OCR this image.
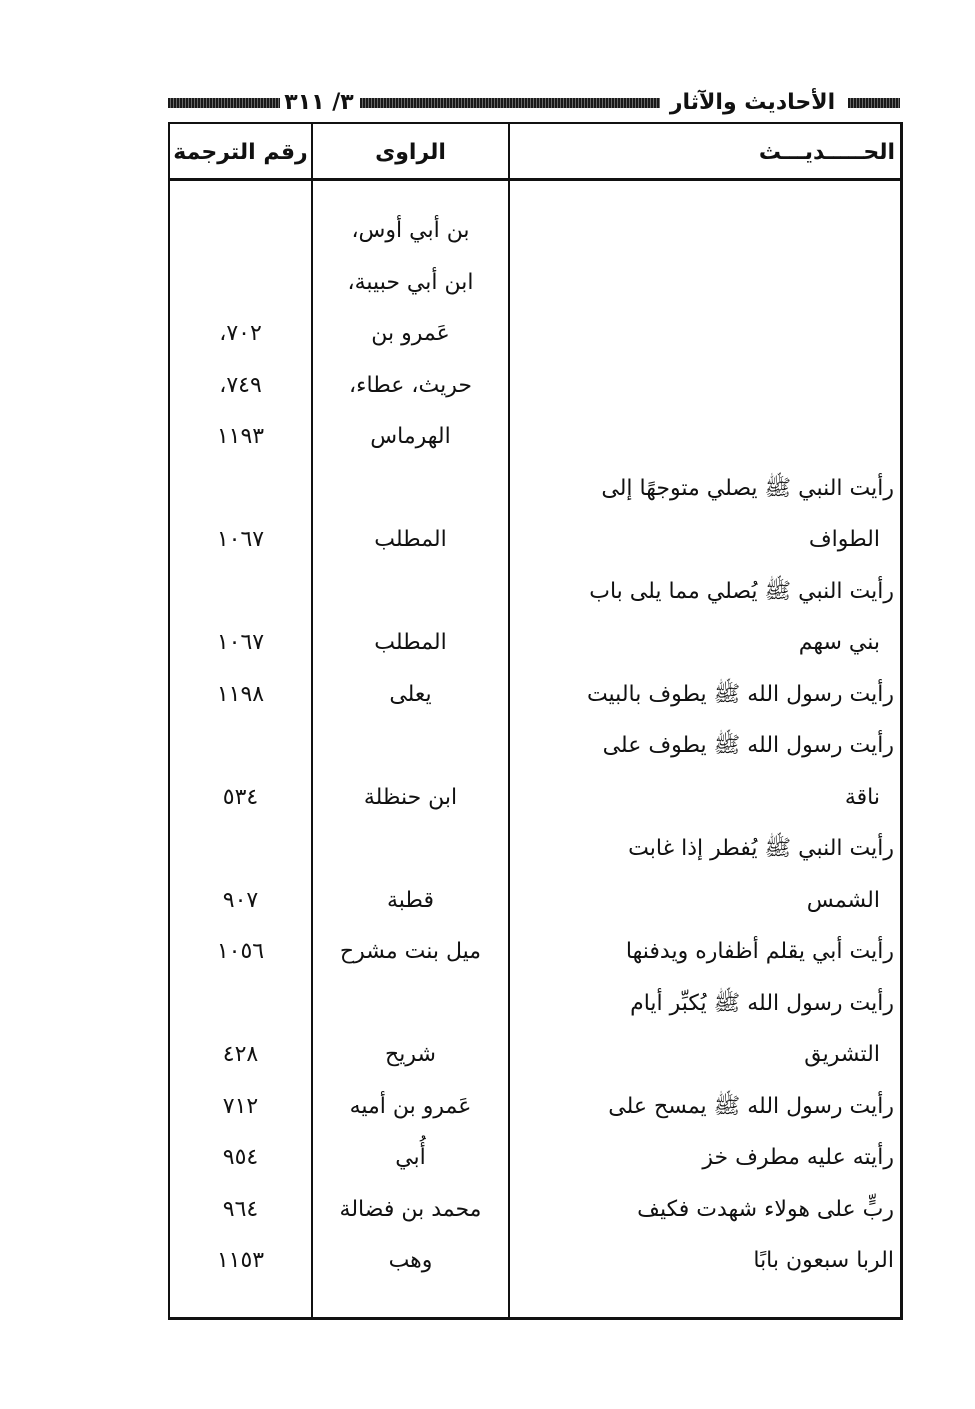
الأحاديث والآثار
٣/ ٣١١
الحـــــديـــث
الراوى
رقم الترجمة
بن أبي أوس،
ابن أبي حبيبة،
عَمرو بن
٧٠٢،
حريث، عطاء،
٧٤٩،
الهرماس
١١٩٣
رأيت النبي ﷺ يصلي متوجهًا إلى
الطواف
المطلب
١٠٦٧
رأيت النبي ﷺ يُصلي مما يلى باب
بني سهم
المطلب
١٠٦٧
رأيت رسول الله ﷺ يطوف بالبيت
يعلى
١١٩٨
رأيت رسول الله ﷺ يطوف على
ناقة
ابن حنظلة
٥٣٤
رأيت النبي ﷺ يُفطر إذا غابت
الشمس
قطبة
٩٠٧
رأيت أبي يقلم أظفاره ويدفنها
ميل بنت مشرح
١٠٥٦
رأيت رسول الله ﷺ يُكبِّر أيام
التشريق
شريح
٤٢٨
رأيت رسول الله ﷺ يمسح على
عَمرو بن أميه
٧١٢
رأيته عليه مطرف خز
أُبي
٩٥٤
ربٍّ على هولاء شهدت فكيف
محمد بن فضالة
٩٦٤
الربا سبعون بابًا
وهب
١١٥٣
